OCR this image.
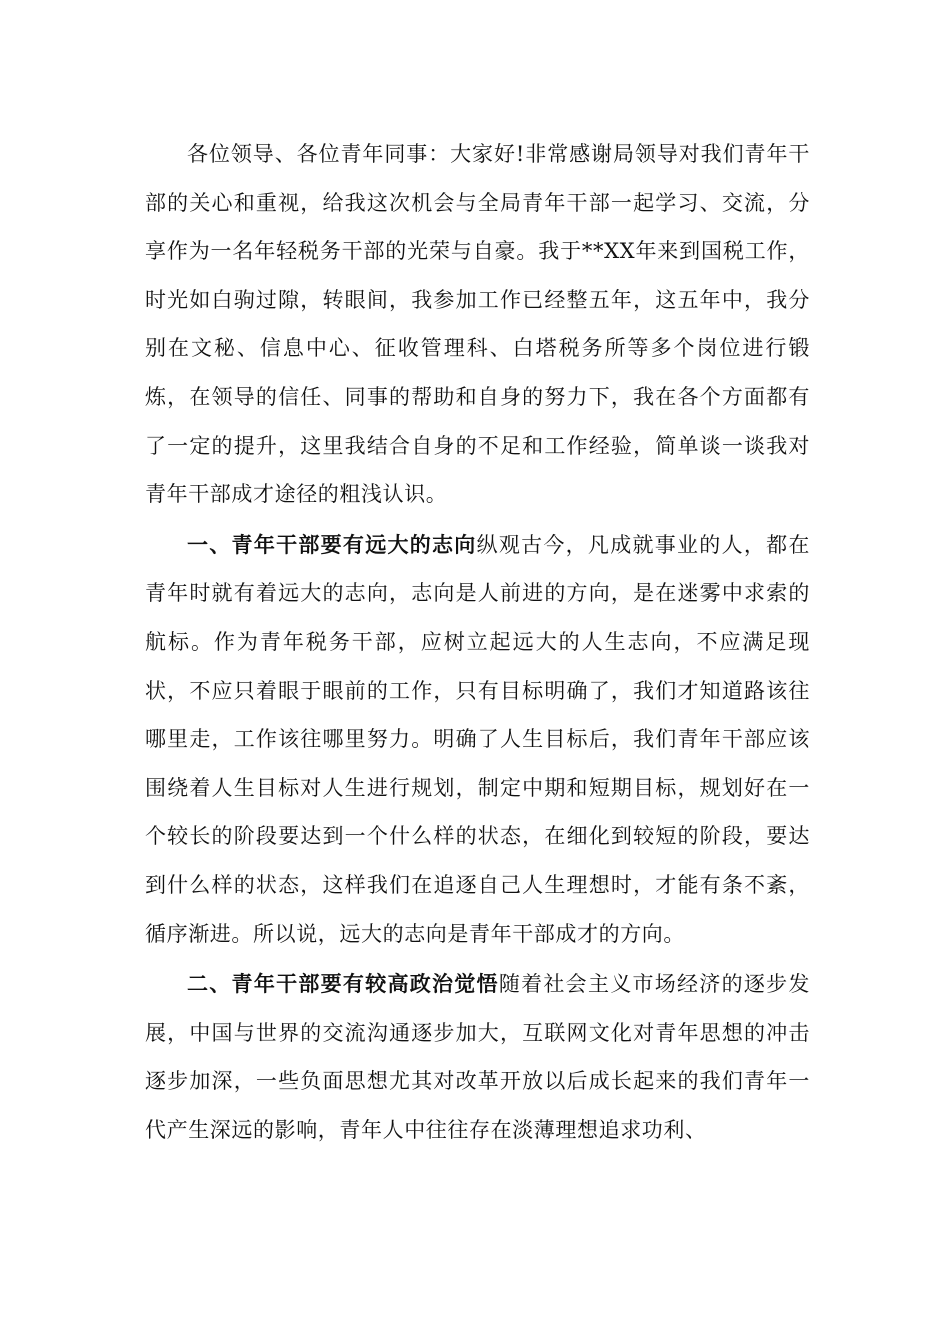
各位领导、各位青年同事：大家好!非常感谢局领导对我们青年干部的关心和重视，给我这次机会与全局青年干部一起学习、交流，分享作为一名年轻税务干部的光荣与自豪。我于**XX年来到国税工作，时光如白驹过隙，转眼间，我参加工作已经整五年，这五年中，我分别在文秘、信息中心、征收管理科、白塔税务所等多个岗位进行锻炼，在领导的信任、同事的帮助和自身的努力下，我在各个方面都有了一定的提升，这里我结合自身的不足和工作经验，简单谈一谈我对青年干部成才途径的粗浅认识。

一、青年干部要有远大的志向纵观古今，凡成就事业的人，都在青年时就有着远大的志向，志向是人前进的方向，是在迷雾中求索的航标。作为青年税务干部，应树立起远大的人生志向，不应满足现状，不应只着眼于眼前的工作，只有目标明确了，我们才知道路该往哪里走，工作该往哪里努力。明确了人生目标后，我们青年干部应该围绕着人生目标对人生进行规划，制定中期和短期目标，规划好在一个较长的阶段要达到一个什么样的状态，在细化到较短的阶段，要达到什么样的状态，这样我们在追逐自己人生理想时，才能有条不紊，循序渐进。所以说，远大的志向是青年干部成才的方向。

二、青年干部要有较高政治觉悟随着社会主义市场经济的逐步发展，中国与世界的交流沟通逐步加大，互联网文化对青年思想的冲击逐步加深，一些负面思想尤其对改革开放以后成长起来的我们青年一代产生深远的影响，青年人中往往存在淡薄理想追求功利、
